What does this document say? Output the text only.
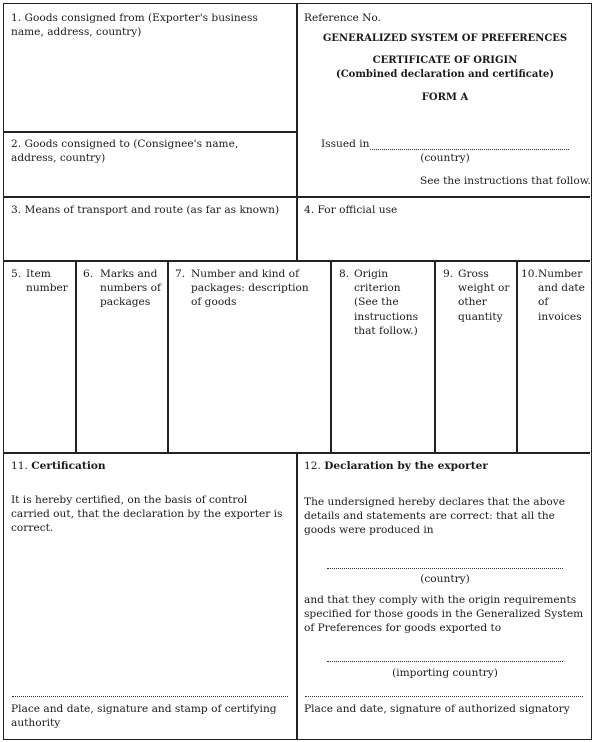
1. Goods consigned from (Exporter's business name, address, country)

Reference No.

GENERALIZED SYSTEM OF PREFERENCES

CERTIFICATE OF ORIGIN

(Combined declaration and certificate)

FORM A

Issued in

(country)

See the instructions that follow.

2. Goods consigned to (Consignee's name, address, country)

3. Means of transport and route (as far as known)	4. For official use

5. Item number

6. Marks and numbers of packages

7. Number and kind of packages: description of goods

8. Origin criterion (See the instructions that follow.)

9. Gross weight or other quantity

10. Number and date of invoices

11. Certification

It is hereby certified, on the basis of control carried out, that the declaration by the exporter is correct.

Place and date, signature and stamp of certifying authority

12. Declaration by the exporter

The undersigned hereby declares that the above details and statements are correct: that all the goods were produced in

(country)

and that they comply with the origin requirements specified for those goods in the Generalized System of Preferences for goods exported to

(importing country)

Place and date, signature of authorized signatory
